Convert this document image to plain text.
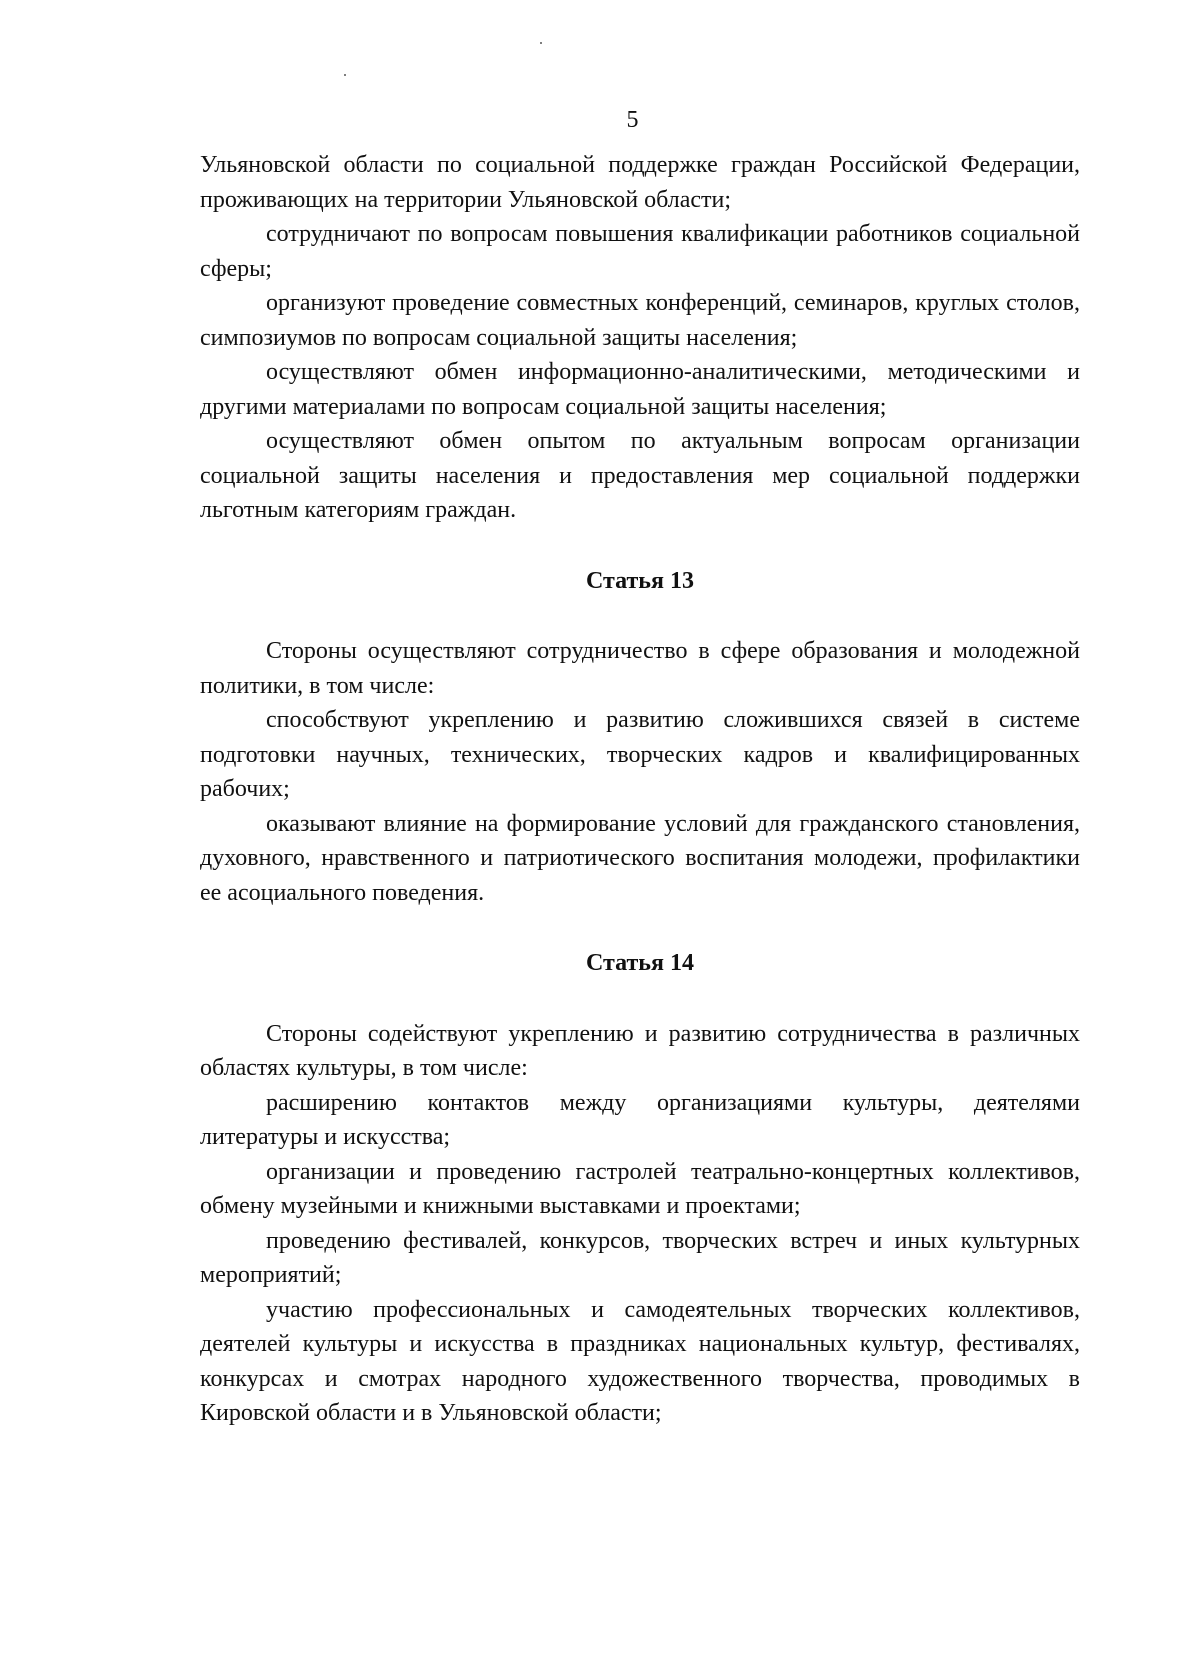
5

Ульяновской области по социальной поддержке граждан Российской Федерации, проживающих на территории Ульяновской области;

сотрудничают по вопросам повышения квалификации работников социальной сферы;

организуют проведение совместных конференций, семинаров, круглых столов, симпозиумов по вопросам социальной защиты населения;

осуществляют обмен информационно-аналитическими, методическими и другими материалами по вопросам социальной защиты населения;

осуществляют обмен опытом по актуальным вопросам организации социальной защиты населения и предоставления мер социальной поддержки льготным категориям граждан.

Статья 13

Стороны осуществляют сотрудничество в сфере образования и молодежной политики, в том числе:

способствуют укреплению и развитию сложившихся связей в системе подготовки научных, технических, творческих кадров и квалифицированных рабочих;

оказывают влияние на формирование условий для гражданского становления, духовного, нравственного и патриотического воспитания молодежи, профилактики ее асоциального поведения.

Статья 14

Стороны содействуют укреплению и развитию сотрудничества в различных областях культуры, в том числе:

расширению контактов между организациями культуры, деятелями литературы и искусства;

организации и проведению гастролей театрально-концертных коллективов, обмену музейными и книжными выставками и проектами;

проведению фестивалей, конкурсов, творческих встреч и иных культурных мероприятий;

участию профессиональных и самодеятельных творческих коллективов, деятелей культуры и искусства в праздниках национальных культур, фестивалях, конкурсах и смотрах народного художественного творчества, проводимых в Кировской области и в Ульяновской области;
